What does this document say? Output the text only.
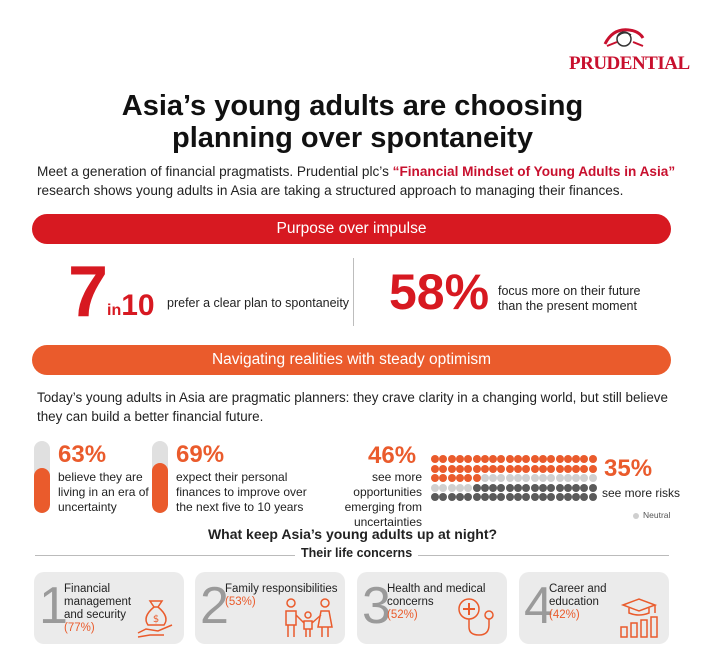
PRUDENTIAL
Asia’s young adults are choosing
planning over spontaneity
Meet a generation of financial pragmatists. Prudential plc’s “Financial Mindset of Young Adults in Asia” research shows young adults in Asia are taking a structured approach to managing their finances.
Purpose over impulse
7
in10 prefer a clear plan to spontaneity 58% focus more on their future than the present moment
Navigating realities with steady optimism
Today’s young adults in Asia are pragmatic planners: they crave clarity in a changing world, but still believe they can build a better financial future.
63%
believe they are
living in an era of
uncertainty
69%
expect their personal
finances to improve over
the next five to 10 years
46%
see more opportunities
emerging from
uncertainties
35%
see more risks
Neutral
What keep Asia’s young adults up at night?
Their life concerns
1
Financial
management
and security
(77%)
$ 2
Family responsibilities
(53%)	3
Health and medical
concerns
(52%)	4
Career and
education
(42%)
